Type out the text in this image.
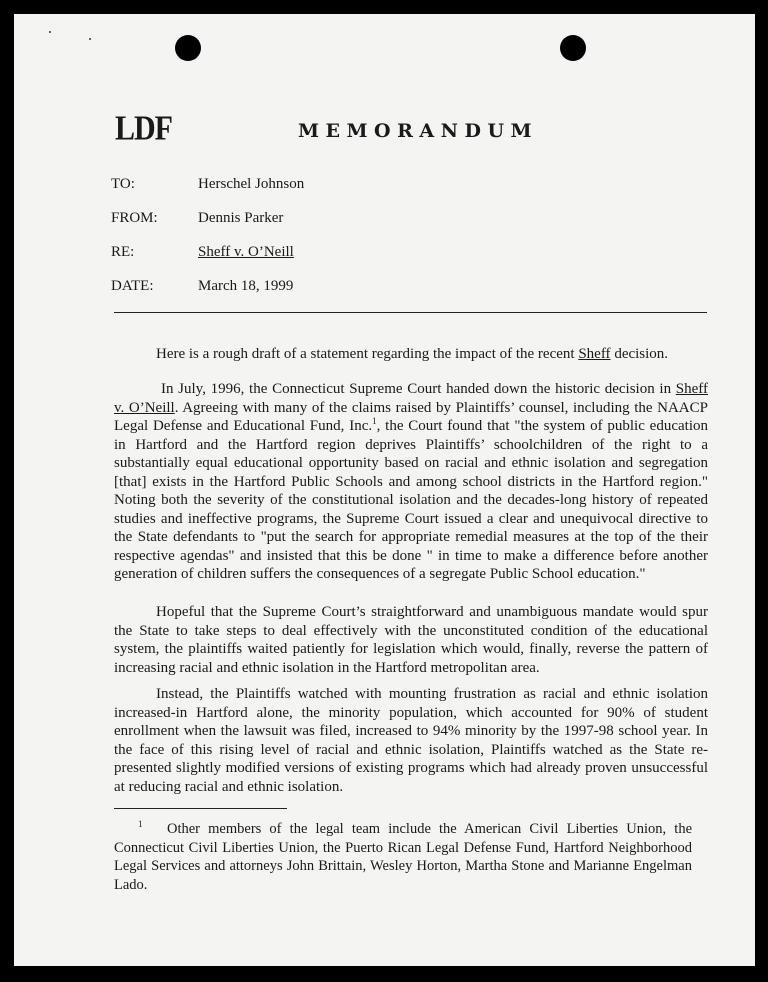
LDF	MEMORANDUM
TO:	Herschel Johnson
FROM:	Dennis Parker
RE:	Sheff v. O’Neill
DATE:	March 18, 1999

Here is a rough draft of a statement regarding the impact of the recent Sheff decision.

In July, 1996, the Connecticut Supreme Court handed down the historic decision in Sheff v. O’Neill. Agreeing with many of the claims raised by Plaintiffs’ counsel, including the NAACP Legal Defense and Educational Fund, Inc.$^1$, the Court found that "the system of public education in Hartford and the Hartford region deprives Plaintiffs’ schoolchildren of the right to a substantially equal educational opportunity based on racial and ethnic isolation and segregation [that] exists in the Hartford Public Schools and among school districts in the Hartford region." Noting both the severity of the constitutional isolation and the decades-long history of repeated studies and ineffective programs, the Supreme Court issued a clear and unequivocal directive to the State defendants to "put the search for appropriate remedial measures at the top of the their respective agendas" and insisted that this be done " in time to make a difference before another generation of children suffers the consequences of a segregate Public School education."

Hopeful that the Supreme Court’s straightforward and unambiguous mandate would spur the State to take steps to deal effectively with the unconstituted condition of the educational system, the plaintiffs waited patiently for legislation which would, finally, reverse the pattern of increasing racial and ethnic isolation in the Hartford metropolitan area.

Instead, the Plaintiffs watched with mounting frustration as racial and ethnic isolation increased-in Hartford alone, the minority population, which accounted for 90% of student enrollment when the lawsuit was filed, increased to 94% minority by the 1997-98 school year. In the face of this rising level of racial and ethnic isolation, Plaintiffs watched as the State re-presented slightly modified versions of existing programs which had already proven unsuccessful at reducing racial and ethnic isolation.

$^1$ Other members of the legal team include the American Civil Liberties Union, the Connecticut Civil Liberties Union, the Puerto Rican Legal Defense Fund, Hartford Neighborhood Legal Services and attorneys John Brittain, Wesley Horton, Martha Stone and Marianne Engelman Lado.
